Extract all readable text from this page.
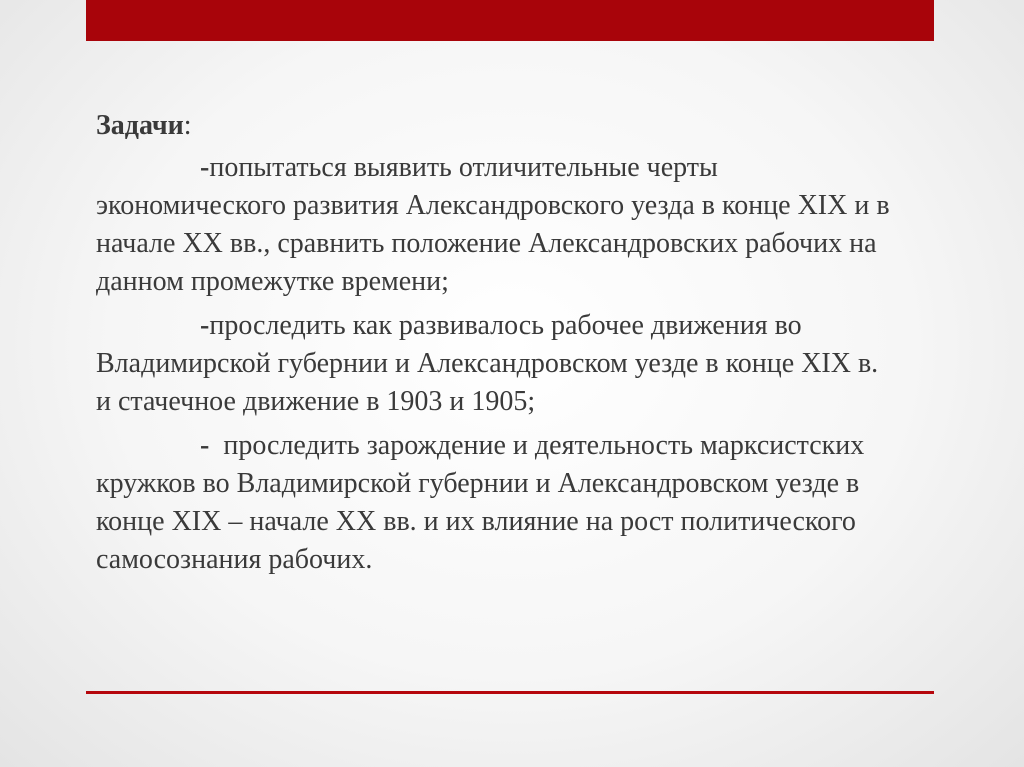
Задачи:

-попытаться выявить отличительные черты экономического развития Александровского уезда в конце XIX и в начале XX вв., сравнить положение Александровских рабочих на данном промежутке времени;

-проследить как развивалось рабочее движения во Владимирской губернии и Александровском уезде в конце XIX в. и стачечное движение в 1903 и 1905;

-  проследить зарождение и деятельность марксистских кружков во Владимирской губернии и Александровском уезде в конце XIX – начале XX вв. и их влияние на рост политического самосознания рабочих.
